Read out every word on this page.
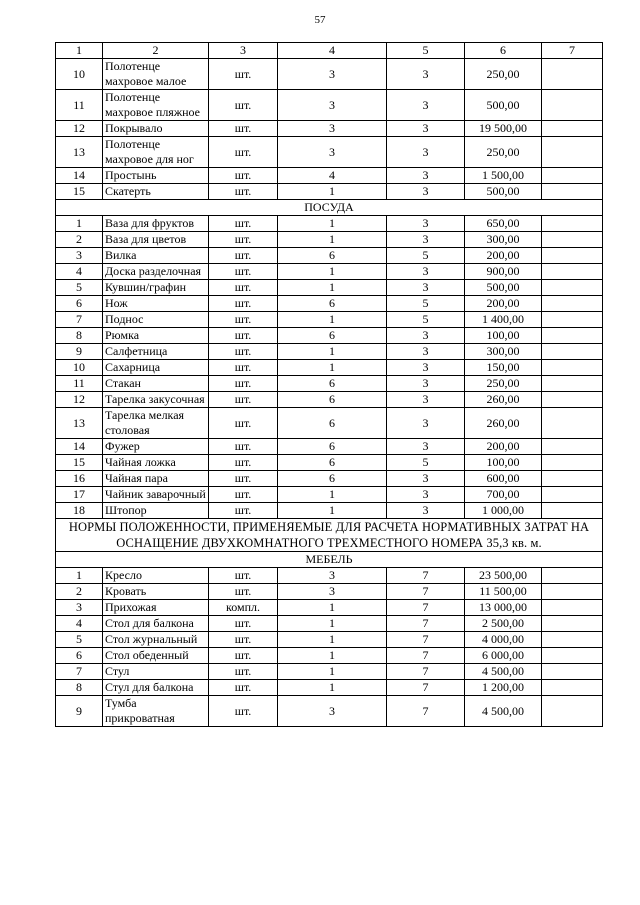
57
1	2	3	4	5	6	7
10	Полотенце махровое малое	шт.	3	3	250,00	
11	Полотенце махровое пляжное	шт.	3	3	500,00	
12	Покрывало	шт.	3	3	19 500,00	
13	Полотенце махровое для ног	шт.	3	3	250,00	
14	Простынь	шт.	4	3	1 500,00	
15	Скатерть	шт.	1	3	500,00	
ПОСУДА						
1	Ваза для фруктов	шт.	1	3	650,00	
2	Ваза для цветов	шт.	1	3	300,00	
3	Вилка	шт.	6	5	200,00	
4	Доска разделочная	шт.	1	3	900,00	
5	Кувшин/графин	шт.	1	3	500,00	
6	Нож	шт.	6	5	200,00	
7	Поднос	шт.	1	5	1 400,00	
8	Рюмка	шт.	6	3	100,00	
9	Салфетница	шт.	1	3	300,00	
10	Сахарница	шт.	1	3	150,00	
11	Стакан	шт.	6	3	250,00	
12	Тарелка закусочная	шт.	6	3	260,00	
13	Тарелка мелкая столовая	шт.	6	3	260,00	
14	Фужер	шт.	6	3	200,00	
15	Чайная ложка	шт.	6	5	100,00	
16	Чайная пара	шт.	6	3	600,00	
17	Чайник заварочный	шт.	1	3	700,00	
18	Штопор	шт.	1	3	1 000,00	
НОРМЫ ПОЛОЖЕННОСТИ, ПРИМЕНЯЕМЫЕ ДЛЯ РАСЧЕТА НОРМАТИВНЫХ ЗАТРАТ НА ОСНАЩЕНИЕ ДВУХКОМНАТНОГО ТРЕХМЕСТНОГО НОМЕРА 35,3 кв. м.						
МЕБЕЛЬ						
1	Кресло	шт.	3	7	23 500,00	
2	Кровать	шт.	3	7	11 500,00	
3	Прихожая	компл.	1	7	13 000,00	
4	Стол для балкона	шт.	1	7	2 500,00	
5	Стол журнальный	шт.	1	7	4 000,00	
6	Стол обеденный	шт.	1	7	6 000,00	
7	Стул	шт.	1	7	4 500,00	
8	Стул для балкона	шт.	1	7	1 200,00	
9	Тумба прикроватная	шт.	3	7	4 500,00	
